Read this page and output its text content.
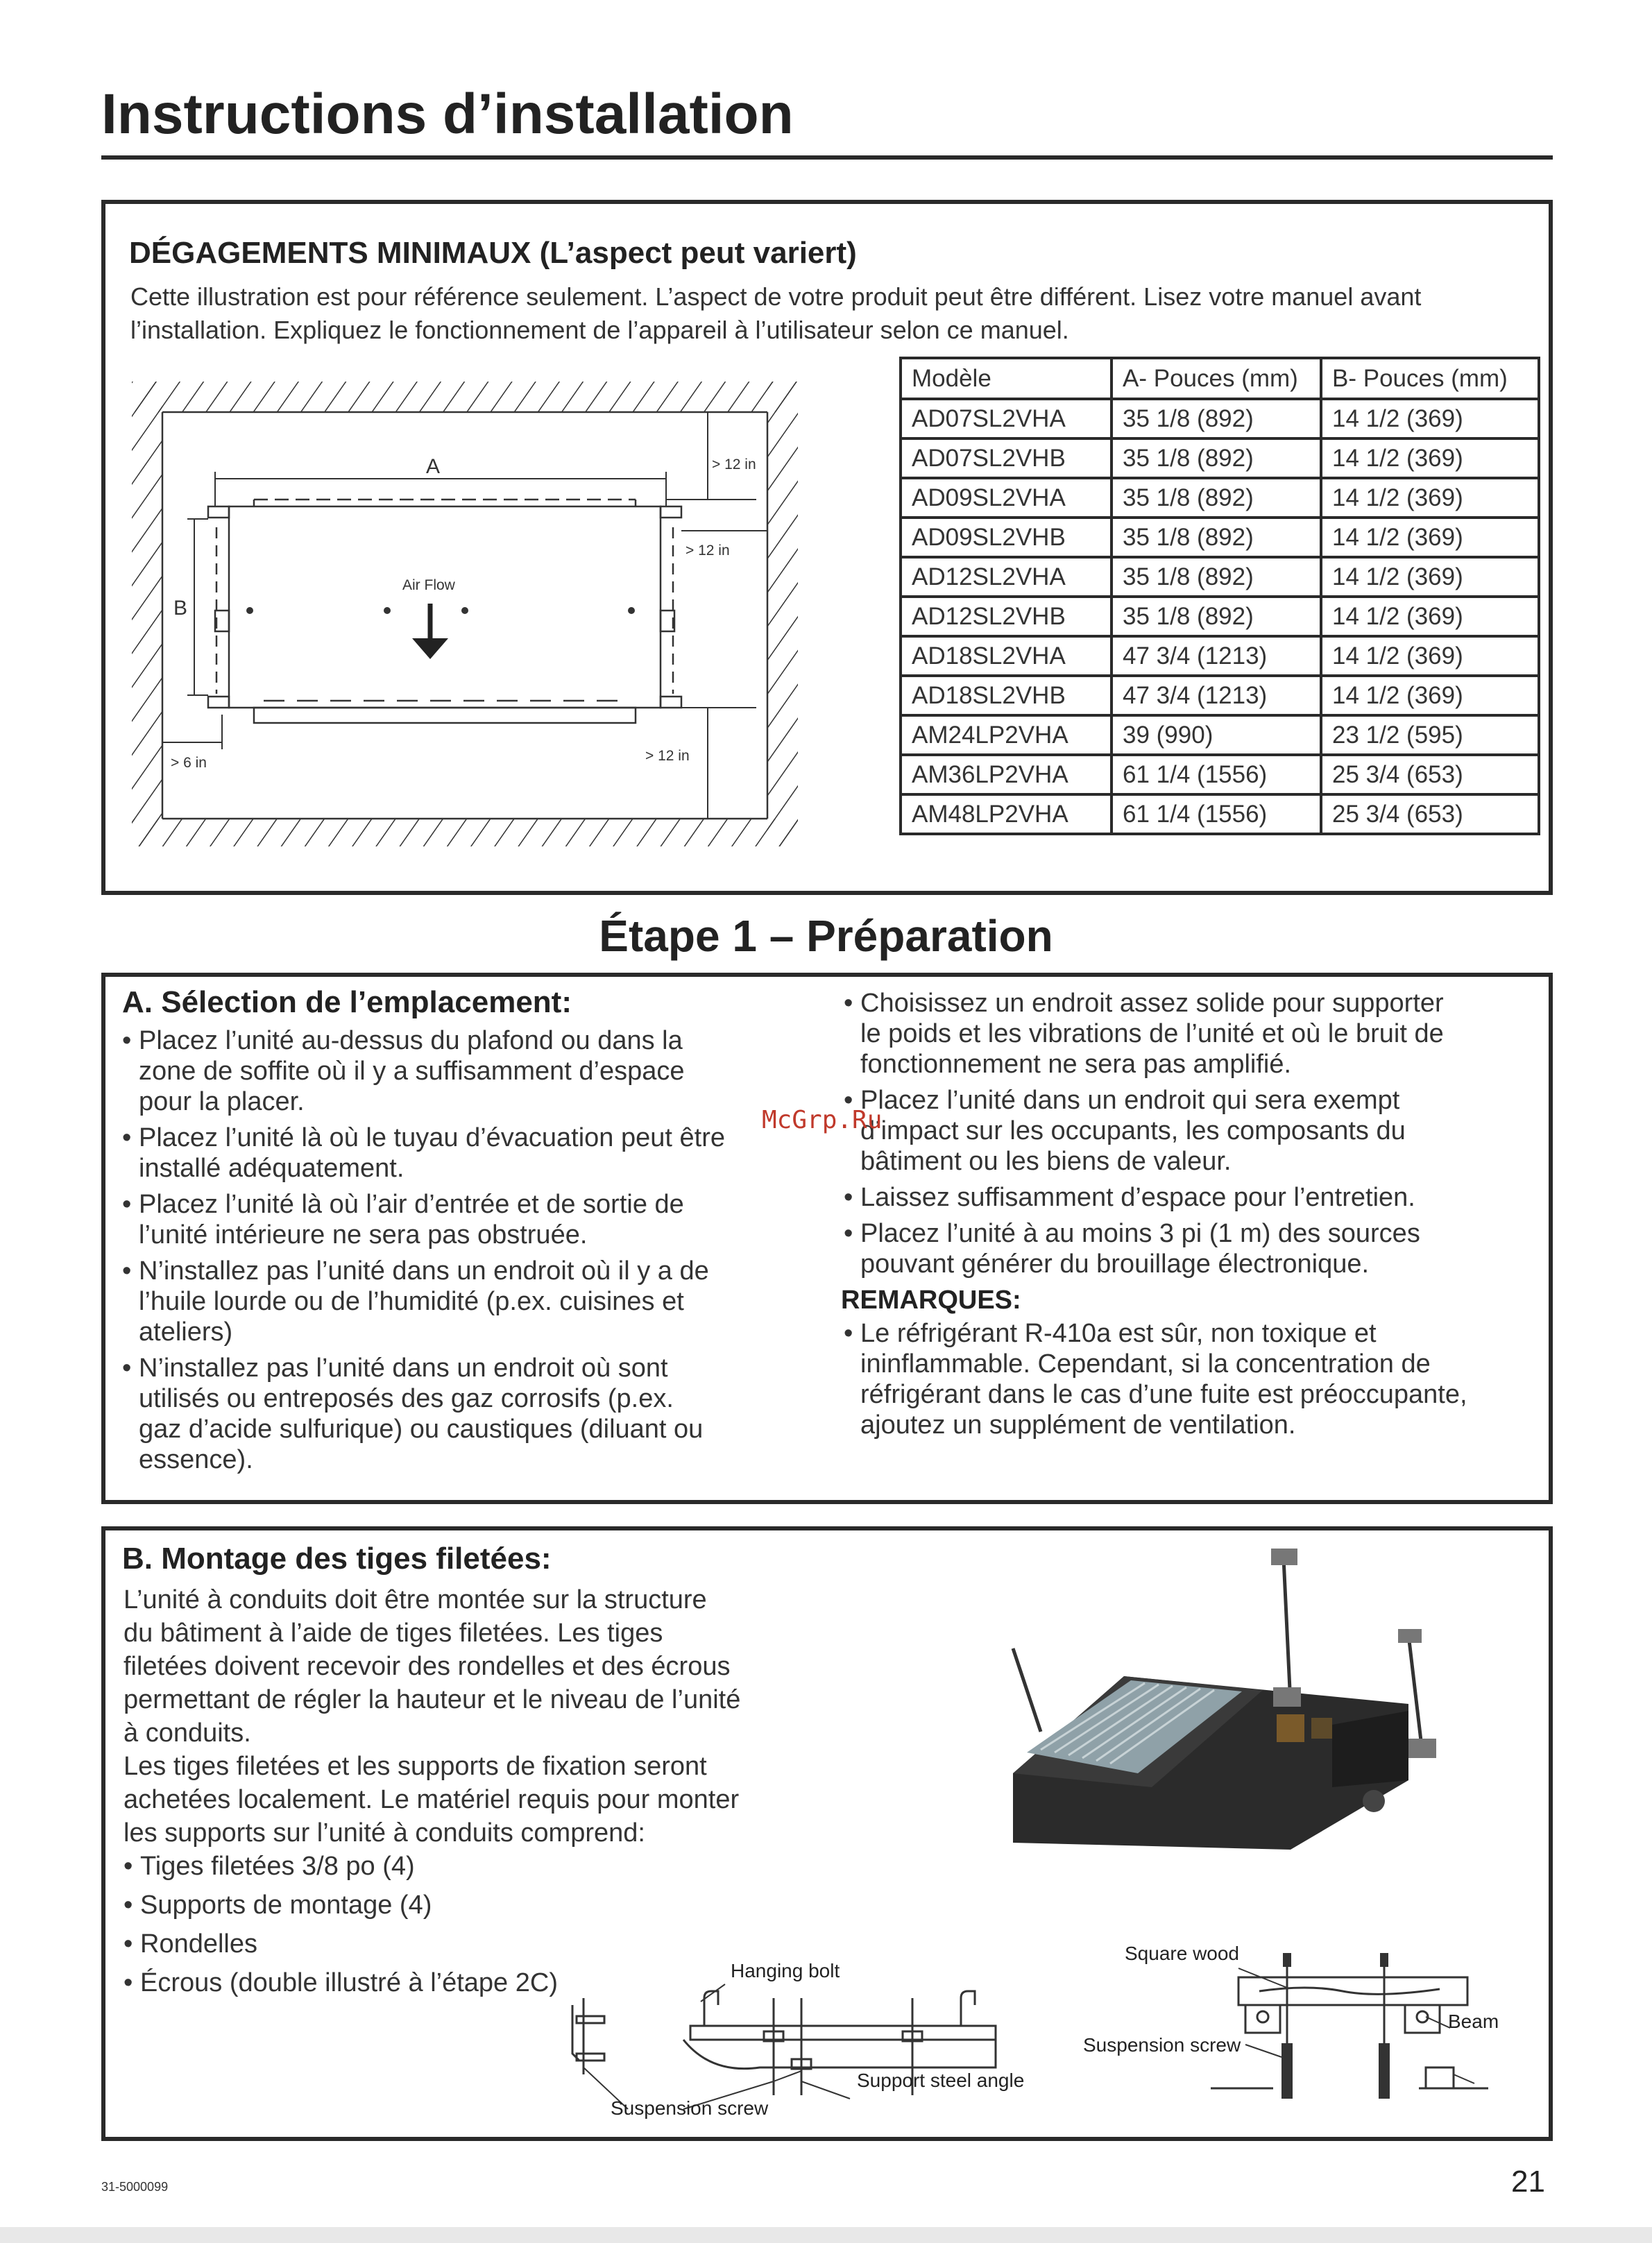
Instructions d’installation
DÉGAGEMENTS MINIMAUX (L’aspect peut variert)
Cette illustration est pour référence seulement. L’aspect de votre produit peut être différent. Lisez votre manuel avant
l’installation. Expliquez le fonctionnement de l’appareil à l’utilisateur selon ce manuel.
A
B
Air Flow
> 12 in
> 12 in
> 6 in	> 12 in
Modèle	A- Pouces (mm)	B- Pouces (mm)
AD07SL2VHA	35 1/8 (892)	14 1/2 (369)
AD07SL2VHB	35 1/8 (892)	14 1/2 (369)
AD09SL2VHA	35 1/8 (892)	14 1/2 (369)
AD09SL2VHB	35 1/8 (892)	14 1/2 (369)
AD12SL2VHA	35 1/8 (892)	14 1/2 (369)
AD12SL2VHB	35 1/8 (892)	14 1/2 (369)
AD18SL2VHA	47 3/4 (1213)	14 1/2 (369)
AD18SL2VHB	47 3/4 (1213)	14 1/2 (369)
AM24LP2VHA	39 (990)	23 1/2 (595)
AM36LP2VHA	61 1/4 (1556)	25 3/4 (653)
AM48LP2VHA	61 1/4 (1556)	25 3/4 (653)
Étape 1 – Préparation
A. Sélection de l’emplacement:
• Placez l’unité au-dessus du plafond ou dans la
zone de soffite où il y a suffisamment d’espace
pour la placer.
• Placez l’unité là où le tuyau d’évacuation peut être
installé adéquatement.
• Placez l’unité là où l’air d’entrée et de sortie de
l’unité intérieure ne sera pas obstruée.
• N’installez pas l’unité dans un endroit où il y a de
l’huile lourde ou de l’humidité (p.ex. cuisines et
ateliers)
• N’installez pas l’unité dans un endroit où sont
utilisés ou entreposés des gaz corrosifs (p.ex.
gaz d’acide sulfurique) ou caustiques (diluant ou
essence).
• Choisissez un endroit assez solide pour supporter
le poids et les vibrations de l’unité et où le bruit de
fonctionnement ne sera pas amplifié.
• Placez l’unité dans un endroit qui sera exempt
d’impact sur les occupants, les composants du
bâtiment ou les biens de valeur.
• Laissez suffisamment d’espace pour l’entretien.
• Placez l’unité à au moins 3 pi (1 m) des sources
pouvant générer du brouillage électronique.
REMARQUES:
• Le réfrigérant R-410a est sûr, non toxique et
ininflammable. Cependant, si la concentration de
réfrigérant dans le cas d’une fuite est préoccupante,
ajoutez un supplément de ventilation.
McGrp.Ru
B. Montage des tiges filetées:
L’unité à conduits doit être montée sur la structure
du bâtiment à l’aide de tiges filetées. Les tiges
filetées doivent recevoir des rondelles et des écrous
permettant de régler la hauteur et le niveau de l’unité
à conduits.
Les tiges filetées et les supports de fixation seront
achetées localement. Le matériel requis pour monter
les supports sur l’unité à conduits comprend:
• Tiges filetées 3/8 po (4)
• Supports de montage (4)
• Rondelles
• Écrous (double illustré à l’étape 2C)	Hanging bolt
Support steel angle
Suspension screw
Square wood
Beam
Suspension screw
31-5000099	21
